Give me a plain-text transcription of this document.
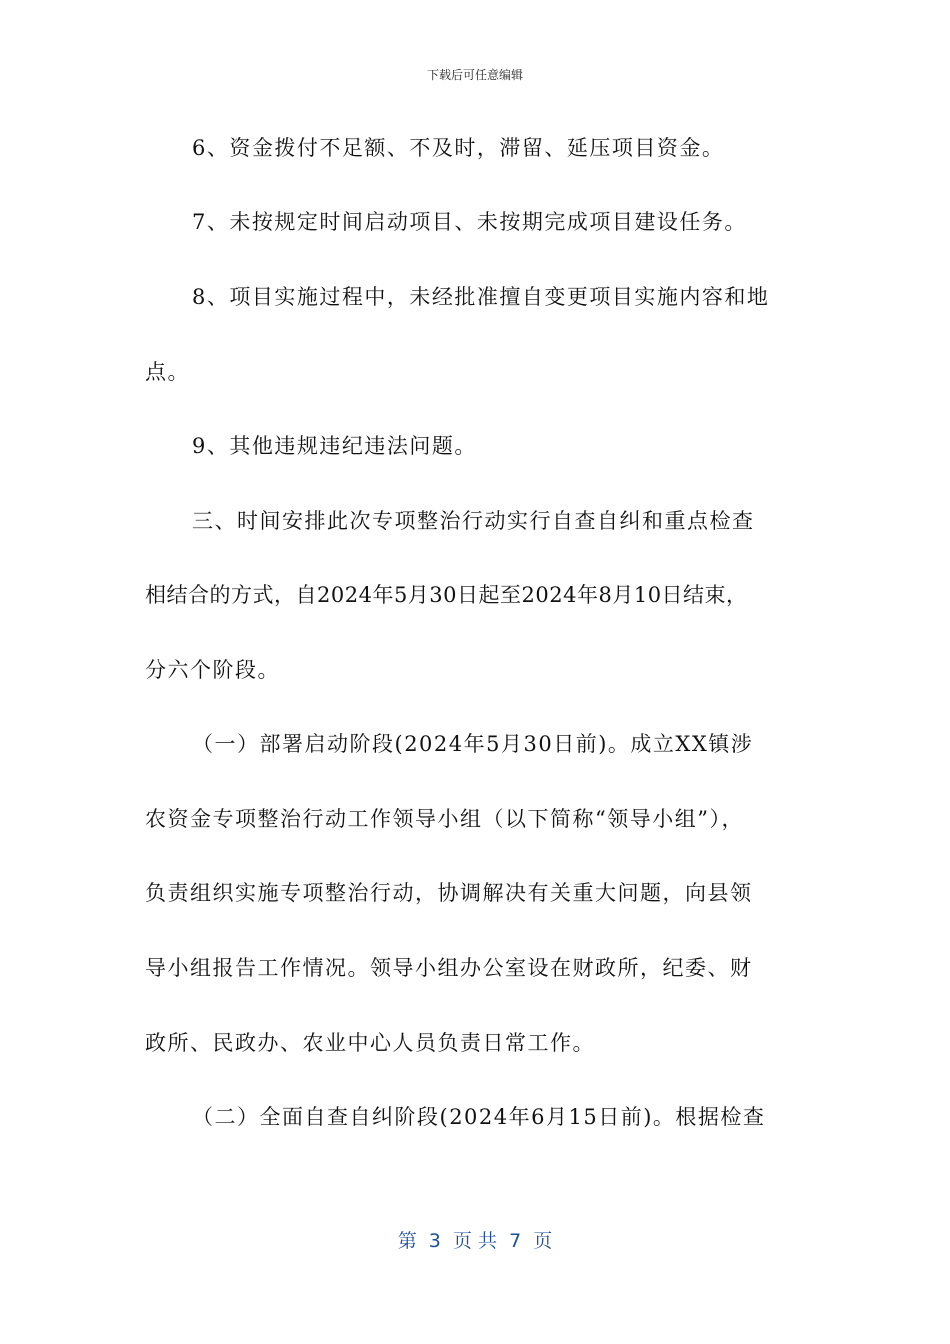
下载后可任意编辑
6、资金拨付不足额、不及时，滞留、延压项目资金。
7、未按规定时间启动项目、未按期完成项目建设任务。
8、项目实施过程中，未经批准擅自变更项目实施内容和地
点。
9、其他违规违纪违法问题。
三、时间安排此次专项整治行动实行自查自纠和重点检查
相结合的方式，自2024年5月30日起至2024年8月10日结束，
分六个阶段。
（一）部署启动阶段(2024年5月30日前)。成立XX镇涉
农资金专项整治行动工作领导小组（以下简称“领导小组”），
负责组织实施专项整治行动，协调解决有关重大问题，向县领
导小组报告工作情况。领导小组办公室设在财政所，纪委、财
政所、民政办、农业中心人员负责日常工作。
（二）全面自查自纠阶段(2024年6月15日前)。根据检查
第  3  页 共  7  页
